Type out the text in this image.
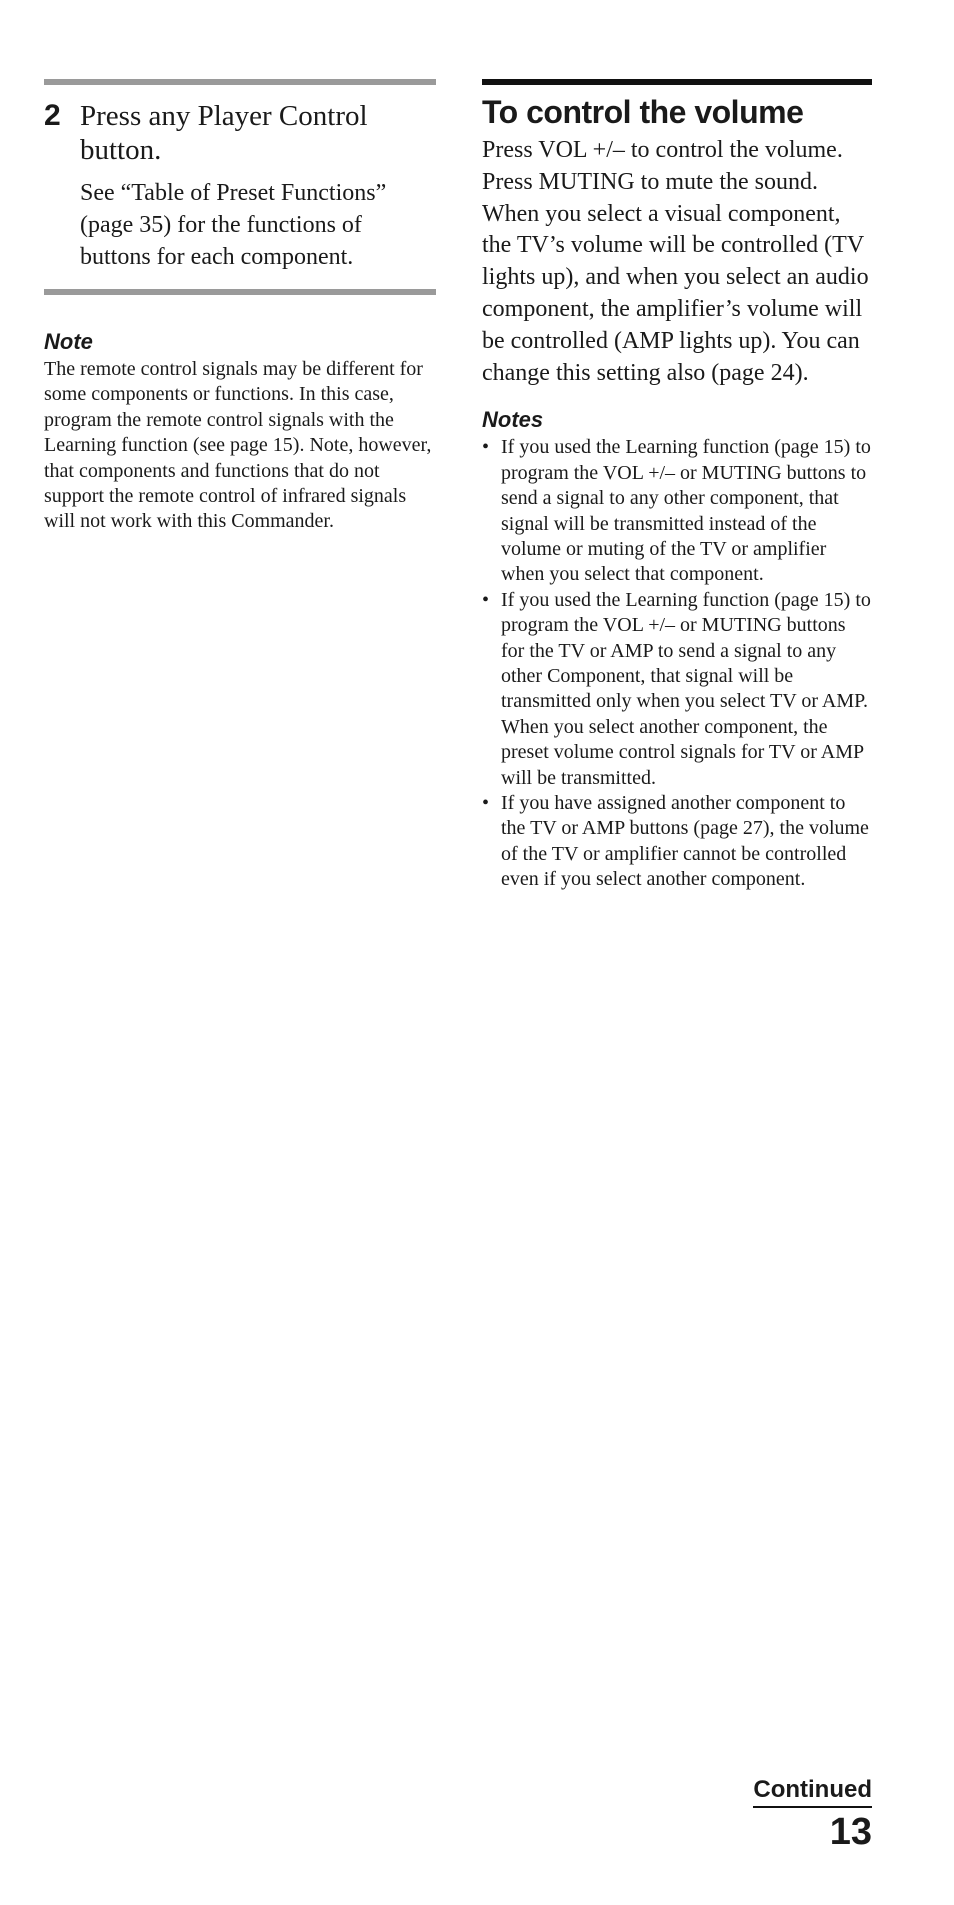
2 Press any Player Control button.

See “Table of Preset Functions” (page 35) for the functions of buttons for each component.

Note

The remote control signals may be different for some components or functions. In this case, program the remote control signals with the Learning function (see page 15). Note, however, that components and functions that do not support the remote control of infrared signals will not work with this Commander.

To control the volume

Press VOL +/– to control the volume. Press MUTING to mute the sound. When you select a visual component, the TV’s volume will be controlled (TV lights up), and when you select an audio component, the amplifier’s volume will be controlled (AMP lights up). You can change this setting also (page 24).

Notes
• If you used the Learning function (page 15) to program the VOL +/– or MUTING buttons to send a signal to any other component, that signal will be transmitted instead of the volume or muting of the TV or amplifier when you select that component.
• If you used the Learning function (page 15) to program the VOL +/– or MUTING buttons for the TV or AMP to send a signal to any other Component, that signal will be transmitted only when you select TV or AMP. When you select another component, the preset volume control signals for TV or AMP will be transmitted.
• If you have assigned another component to the TV or AMP buttons (page 27), the volume of the TV or amplifier cannot be controlled even if you select another component.
Continued
13
